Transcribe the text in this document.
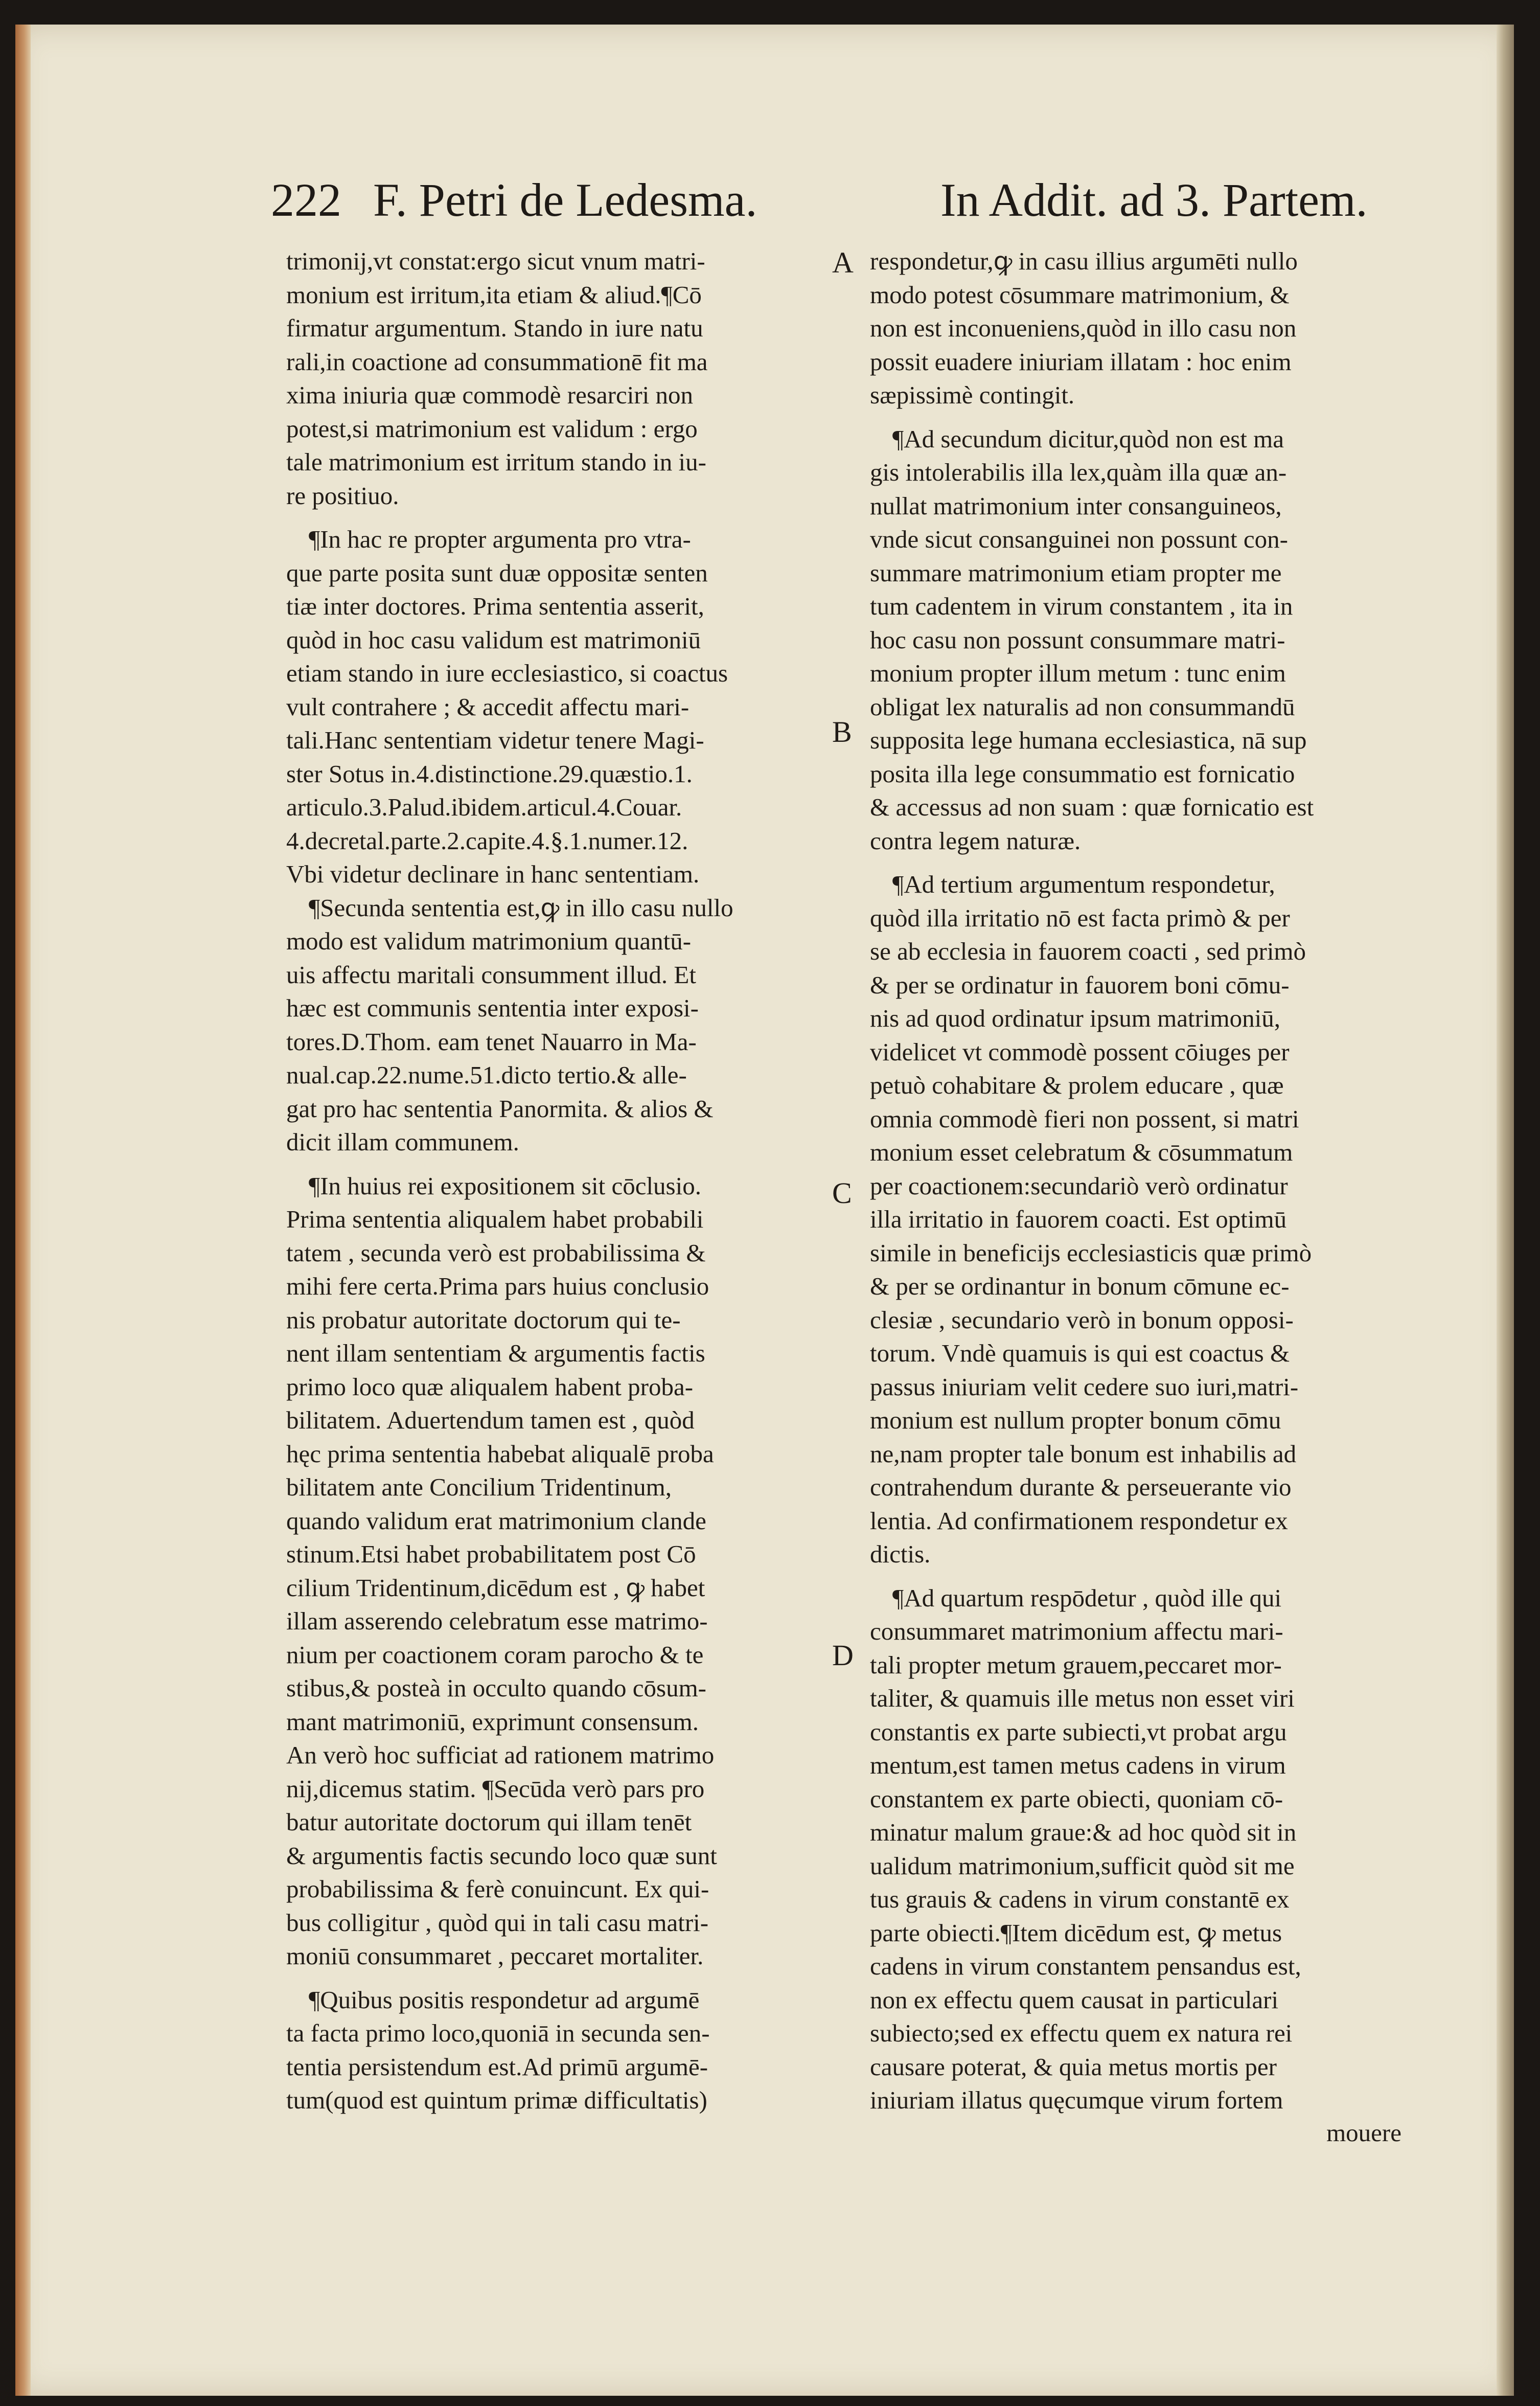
222 F. Petri de Ledesma.	In Addit. ad 3. Partem.
trimonij,vt constat:ergo sicut vnum matri-
monium est irritum,ita etiam & aliud.¶Cō
firmatur argumentum. Stando in iure natu
rali,in coactione ad consummationē fit ma
xima iniuria quæ commodè resarciri non
potest,si matrimonium est validum : ergo
tale matrimonium est irritum stando in iu-
re positiuo.
¶In hac re propter argumenta pro vtra-
que parte posita sunt duæ oppositæ senten
tiæ inter doctores. Prima sententia asserit,
quòd in hoc casu validum est matrimoniū
etiam stando in iure ecclesiastico, si coactus
vult contrahere ; & accedit affectu mari-
tali.Hanc sententiam videtur tenere Magi-
ster Sotus in.4.distinctione.29.quæstio.1.
articulo.3.Palud.ibidem.articul.4.Couar.
4.decretal.parte.2.capite.4.§.1.numer.12.
Vbi videtur declinare in hanc sententiam.
¶Secunda sententia est,ꝙ in illo casu nullo
modo est validum matrimonium quantū-
uis affectu maritali consumment illud. Et
hæc est communis sententia inter exposi-
tores.D.Thom. eam tenet Nauarro in Ma-
nual.cap.22.nume.51.dicto tertio.& alle-
gat pro hac sententia Panormita. & alios &
dicit illam communem.
¶In huius rei expositionem sit cōclusio.
Prima sententia aliqualem habet probabili
tatem , secunda verò est probabilissima &
mihi fere certa.Prima pars huius conclusio
nis probatur autoritate doctorum qui te-
nent illam sententiam & argumentis factis
primo loco quæ aliqualem habent proba-
bilitatem. Aduertendum tamen est , quòd
hęc prima sententia habebat aliqualē proba
bilitatem ante Concilium Tridentinum,
quando validum erat matrimonium clande
stinum.Etsi habet probabilitatem post Cō
cilium Tridentinum,dicēdum est , ꝙ habet
illam asserendo celebratum esse matrimo-
nium per coactionem coram parocho & te
stibus,& posteà in occulto quando cōsum-
mant matrimoniū, exprimunt consensum.
An verò hoc sufficiat ad rationem matrimo
nij,dicemus statim. ¶Secūda verò pars pro
batur autoritate doctorum qui illam tenēt
& argumentis factis secundo loco quæ sunt
probabilissima & ferè conuincunt. Ex qui-
bus colligitur , quòd qui in tali casu matri-
moniū consummaret , peccaret mortaliter.
¶Quibus positis respondetur ad argumē
ta facta primo loco,quoniā in secunda sen-
tentia persistendum est.Ad primū argumē-
tum(quod est quintum primæ difficultatis)
respondetur,ꝙ in casu illius argumēti nullo
modo potest cōsummare matrimonium, &
non est inconueniens,quòd in illo casu non
possit euadere iniuriam illatam : hoc enim
sæpissimè contingit.
¶Ad secundum dicitur,quòd non est ma
gis intolerabilis illa lex,quàm illa quæ an-
nullat matrimonium inter consanguineos,
vnde sicut consanguinei non possunt con-
summare matrimonium etiam propter me
tum cadentem in virum constantem , ita in
hoc casu non possunt consummare matri-
monium propter illum metum : tunc enim
obligat lex naturalis ad non consummandū
supposita lege humana ecclesiastica, nā sup
posita illa lege consummatio est fornicatio
& accessus ad non suam : quæ fornicatio est
contra legem naturæ.
¶Ad tertium argumentum respondetur,
quòd illa irritatio nō est facta primò & per
se ab ecclesia in fauorem coacti , sed primò
& per se ordinatur in fauorem boni cōmu-
nis ad quod ordinatur ipsum matrimoniū,
videlicet vt commodè possent cōiuges per
petuò cohabitare & prolem educare , quæ
omnia commodè fieri non possent, si matri
monium esset celebratum & cōsummatum
per coactionem:secundariò verò ordinatur
illa irritatio in fauorem coacti. Est optimū
simile in beneficijs ecclesiasticis quæ primò
& per se ordinantur in bonum cōmune ec-
clesiæ , secundario verò in bonum opposi-
torum. Vndè quamuis is qui est coactus &
passus iniuriam velit cedere suo iuri,matri-
monium est nullum propter bonum cōmu
ne,nam propter tale bonum est inhabilis ad
contrahendum durante & perseuerante vio
lentia. Ad confirmationem respondetur ex
dictis.
¶Ad quartum respōdetur , quòd ille qui
consummaret matrimonium affectu mari-
tali propter metum grauem,peccaret mor-
taliter, & quamuis ille metus non esset viri
constantis ex parte subiecti,vt probat argu
mentum,est tamen metus cadens in virum
constantem ex parte obiecti, quoniam cō-
minatur malum graue:& ad hoc quòd sit in
ualidum matrimonium,sufficit quòd sit me
tus grauis & cadens in virum constantē ex
parte obiecti.¶Item dicēdum est, ꝙ metus
cadens in virum constantem pensandus est,
non ex effectu quem causat in particulari
subiecto;sed ex effectu quem ex natura rei
causare poterat, & quia metus mortis per
iniuriam illatus quęcumque virum fortem
A
B
C
D
mouere
